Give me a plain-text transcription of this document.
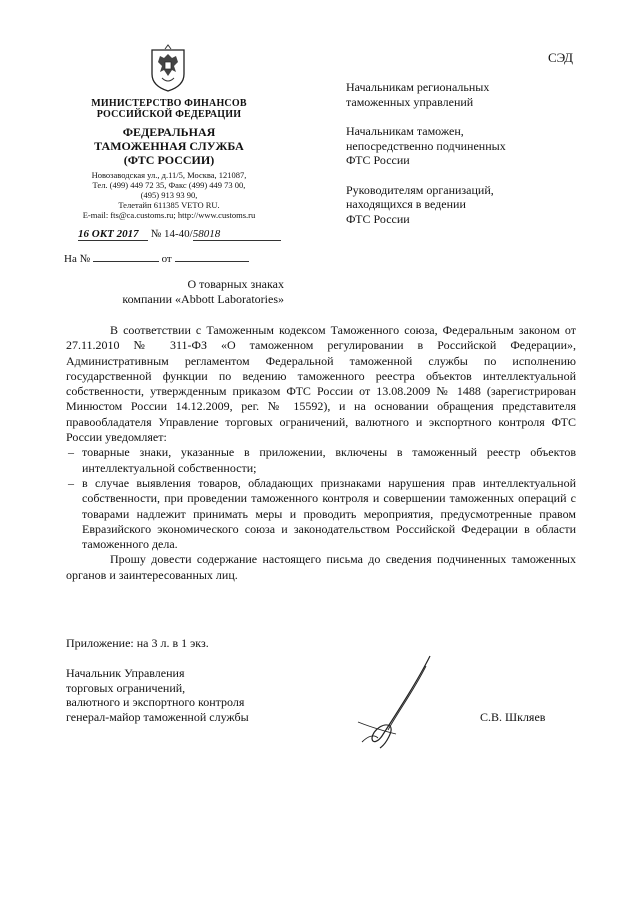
СЭД
МИНИСТЕРСТВО ФИНАНСОВ
РОССИЙСКОЙ ФЕДЕРАЦИИ
ФЕДЕРАЛЬНАЯ
ТАМОЖЕННАЯ СЛУЖБА
(ФТС РОССИИ)
Новозаводская ул., д.11/5, Москва, 121087,
Тел. (499) 449 72 35, Факс (499) 449 73 00,
(495) 913 93 90,
Телетайп 611385 VETO RU.
E-mail: fts@ca.customs.ru; http://www.customs.ru
16 ОКТ 2017 № 14-40/58018
На №	от
Начальникам региональных
таможенных управлений
Начальникам таможен,
непосредственно подчиненных
ФТС России
Руководителям организаций,
находящихся в ведении
ФТС России
О товарных знаках
компании «Abbott Laboratories»

В соответствии с Таможенным кодексом Таможенного союза, Федеральным законом от 27.11.2010 № 311-ФЗ «О таможенном регулировании в Российской Федерации», Административным регламентом Федеральной таможенной службы по исполнению государственной функции по ведению таможенного реестра объектов интеллектуальной собственности, утвержденным приказом ФТС России от 13.08.2009 № 1488 (зарегистрирован Минюстом России 14.12.2009, рег. № 15592), и на основании обращения представителя правообладателя Управление торговых ограничений, валютного и экспортного контроля ФТС России уведомляет:

– товарные знаки, указанные в приложении, включены в таможенный реестр объектов интеллектуальной собственности;
– в случае выявления товаров, обладающих признаками нарушения прав интеллектуальной собственности, при проведении таможенного контроля и совершении таможенных операций с товарами надлежит принимать меры и проводить мероприятия, предусмотренные правом Евразийского экономического союза и законодательством Российской Федерации в области таможенного дела.

Прошу довести содержание настоящего письма до сведения подчиненных таможенных органов и заинтересованных лиц.

Приложение: на 3 л. в 1 экз.
Начальник Управления
торговых ограничений,
валютного и экспортного контроля
генерал-майор таможенной службы	С.В. Шкляев
